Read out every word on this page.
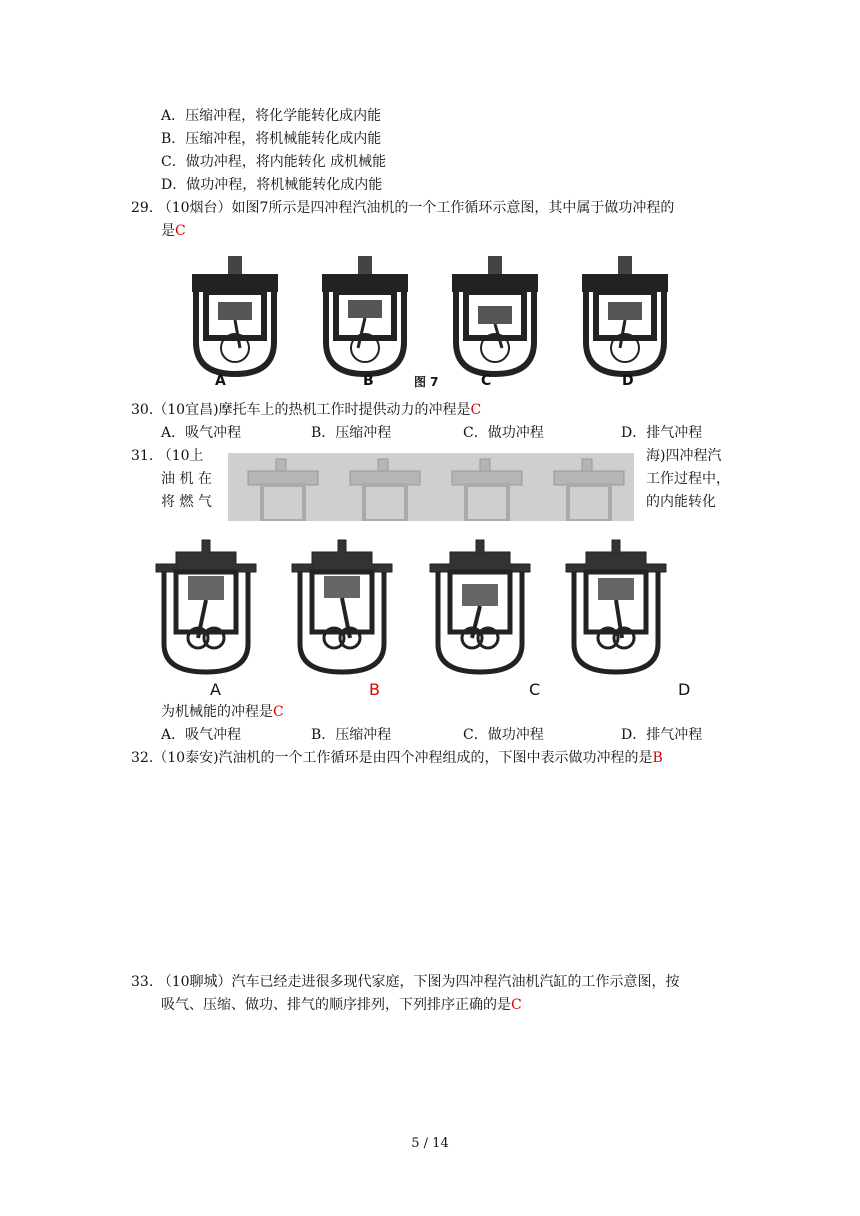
A．压缩冲程，将化学能转化成内能
B．压缩冲程，将机械能转化成内能
C．做功冲程，将内能转化 成机械能
D．做功冲程，将机械能转化成内能
29. （10烟台）如图7所示是四冲程汽油机的一个工作循环示意图，其中属于做功冲程的
是C
A	B	图 7	C	D
30.（10宜昌)摩托车上的热机工作时提供动力的冲程是C
A．吸气冲程	B．压缩冲程	C．做功冲程	D．排气冲程
31. （10上
油 机 在
将 燃 气
海)四冲程汽
工作过程中，
的内能转化
A	B	C	D
为机械能的冲程是C
A．吸气冲程	B．压缩冲程	C．做功冲程	D．排气冲程
32.（10泰安)汽油机的一个工作循环是由四个冲程组成的，下图中表示做功冲程的是B
33. （10聊城）汽车已经走进很多现代家庭，下图为四冲程汽油机汽缸的工作示意图，按
吸气、压缩、做功、排气的顺序排列，下列排序正确的是C
5 / 14
